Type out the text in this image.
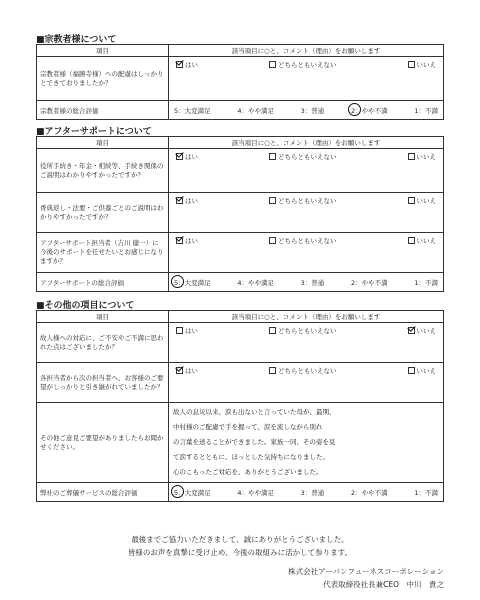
■宗教者様について
項目	該当項目に○と、コメント（理由）をお願いします
宗教者様（福勝寺様）への配慮はしっかりとできておりましたか？	はい どちらともいえない いいえ

宗教者様の総合評価	5：大変満足 4：やや満足 3：普通 2：やや不満 1：不満
■アフターサポートについて
項目	該当項目に○と、コメント（理由）をお願いします
役所手続き・年金・相続等、手続き関係のご説明はわかりやすかったですか？	はい どちらともいえない いいえ

香典返し・法要・ご供養ごとのご説明はわかりやすかったですか？	はい どちらともいえない いいえ

アフターサポート担当者（吉川 健一）に今後のサポートを任せたいとお感じになりますか？	はい どちらともいえない いいえ

アフターサポートの総合評価	5：大変満足 4：やや満足 3：普通 2：やや不満 1：不満
■その他の項目について
項目	該当項目に○と、コメント（理由）をお願いします
故人様への対応に、ご不安やご不満に思われた点はございましたか？	はい どちらともいえない いいえ

各担当者から次の担当者へ、お客様のご要望がしっかりと引き継がれていましたか？	はい どちらともいえない いいえ

その他ご意見ご要望がありましたらお聞かせください。	故人の息災以来、涙も出ないと言っていた母が、最期、
中村様のご配慮で手を握って、涙を流しながら別れ
の言葉を送ることができました。家族一同、その姿を見
て涙するとともに、ほっとした気持ちになりました。
心のこもったご対応を、ありがとうございました。

弊社のご葬儀サービスの総合評価	5：大変満足 4：やや満足 3：普通 2：やや不満 1：不満
最後までご協力いただきまして、誠にありがとうございました。
皆様のお声を真摯に受け止め、今後の取組みに活かして参ります。
株式会社アーバンフューネスコーポレーション
代表取締役社長兼CEO　中川　貴之
